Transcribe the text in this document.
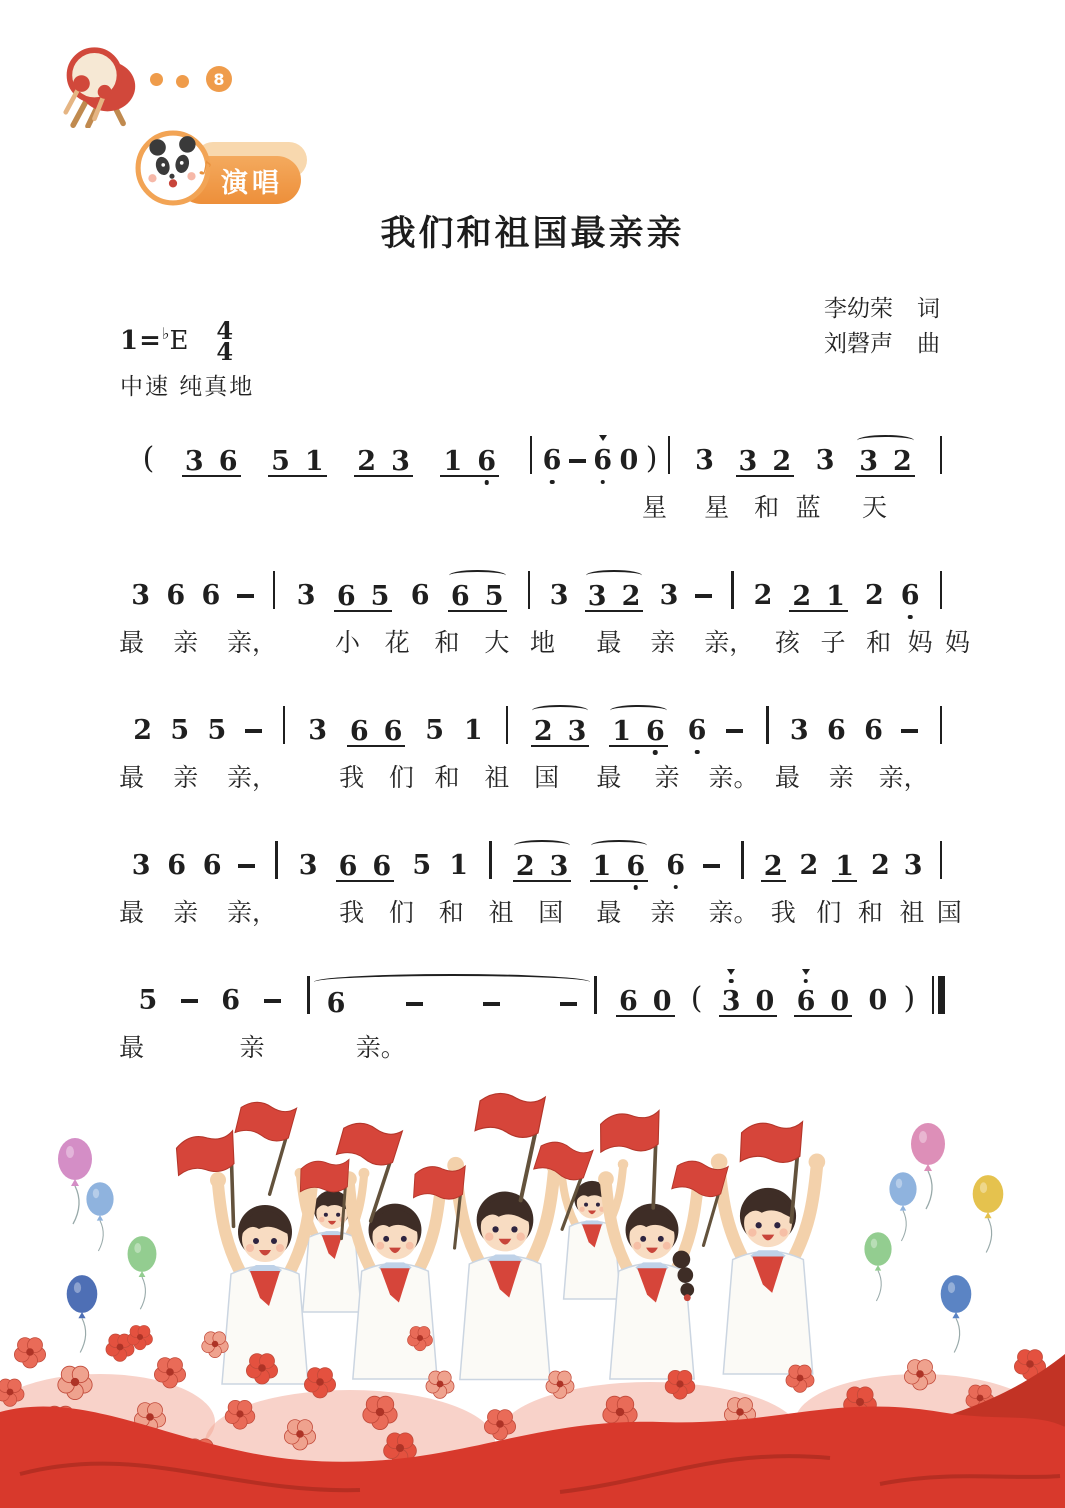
8
演唱
♪
我们和祖国最亲亲
李幼荣 词
刘磬声 曲
1= ♭ E 4
4
中速 纯真地
( 3 6 5 1 2 3 1 6 6 6 0 ) 3 3 2 3 3 2
星 星 和 蓝 天
3 6 6	3 6 5 6 6 5 3 3 2 3	2 2 1 2 6
最 亲 亲， 小 花 和 大 地 最 亲 亲， 孩 子 和 妈 妈
2 5 5	3 6 6 5 1 2 3 1 6 6	3 6 6
最 亲 亲， 我 们 和 祖 国 最 亲 亲。 最 亲 亲，
3 6 6	3 6 6 5 1 2 3 1 6 6	2 2 1 2 3
最 亲 亲， 我 们 和 祖 国 最 亲 亲。 我 们 和 祖 国
5 6	6	6 0 ( 3 0 6 0 0 )
最	亲	亲。
